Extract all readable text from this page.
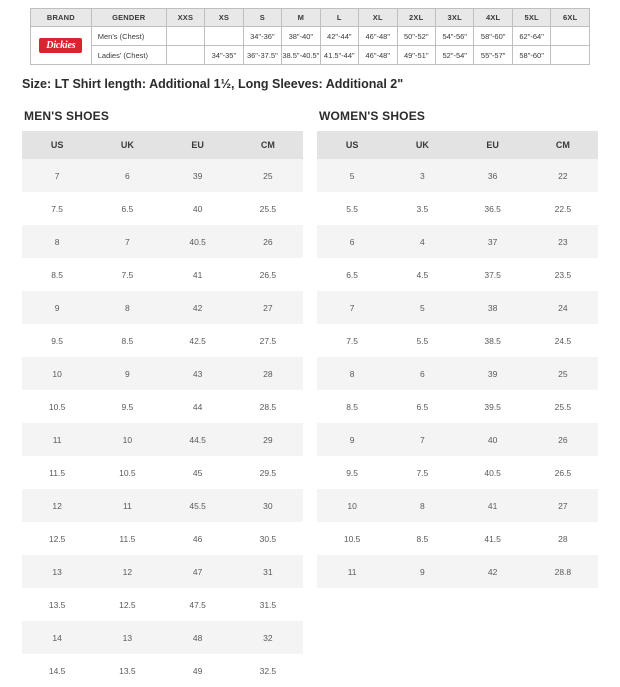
BRAND	GENDER	XXS	XS	S	M	L	XL	2XL	3XL	4XL	5XL	6XL
Dickies	Men's (Chest)			34"-36"	38"-40"	42"-44"	46"-48"	50"-52"	54"-56"	58"-60"	62"-64"	
	Ladies' (Chest)		34"-35"	36"-37.5"	38.5"-40.5"	41.5"-44"	46"-48"	49"-51"	52"-54"	55"-57"	58"-60"	
Size: LT Shirt length: Additional 1½, Long Sleeves: Additional 2"
MEN'S SHOES
US	UK	EU	CM
7	6	39	25
7.5	6.5	40	25.5
8	7	40.5	26
8.5	7.5	41	26.5
9	8	42	27
9.5	8.5	42.5	27.5
10	9	43	28
10.5	9.5	44	28.5
11	10	44.5	29
11.5	10.5	45	29.5
12	11	45.5	30
12.5	11.5	46	30.5
13	12	47	31
13.5	12.5	47.5	31.5
14	13	48	32
14.5	13.5	49	32.5
WOMEN'S SHOES
US	UK	EU	CM
5	3	36	22
5.5	3.5	36.5	22.5
6	4	37	23
6.5	4.5	37.5	23.5
7	5	38	24
7.5	5.5	38.5	24.5
8	6	39	25
8.5	6.5	39.5	25.5
9	7	40	26
9.5	7.5	40.5	26.5
10	8	41	27
10.5	8.5	41.5	28
11	9	42	28.8
